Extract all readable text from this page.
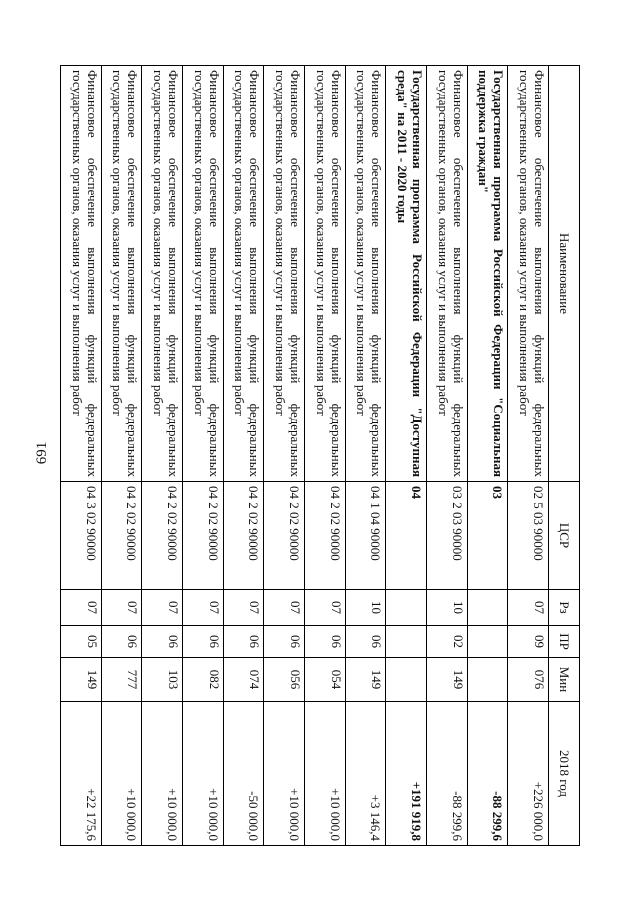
691
Наименование	ЦСР	Рз	ПР	Мин	2018 год
Финансовое обеспечение выполнения функций федеральных государственных органов, оказания услуг и выполнения работ	02 5 03 90000	07	09	076	+226 000,0
Государственная программа Российской Федерации "Социальная поддержка граждан"	03				-88 299,6
Финансовое обеспечение выполнения функций федеральных государственных органов, оказания услуг и выполнения работ	03 2 03 90000	10	02	149	-88 299,6
Государственная программа Российской Федерации "Доступная среда" на 2011 - 2020 годы	04				+191 919,8
Финансовое обеспечение выполнения функций федеральных государственных органов, оказания услуг и выполнения работ	04 1 04 90000	10	06	149	+3 146,4
Финансовое обеспечение выполнения функций федеральных государственных органов, оказания услуг и выполнения работ	04 2 02 90000	07	06	054	+10 000,0
Финансовое обеспечение выполнения функций федеральных государственных органов, оказания услуг и выполнения работ	04 2 02 90000	07	06	056	+10 000,0
Финансовое обеспечение выполнения функций федеральных государственных органов, оказания услуг и выполнения работ	04 2 02 90000	07	06	074	-50 000,0
Финансовое обеспечение выполнения функций федеральных государственных органов, оказания услуг и выполнения работ	04 2 02 90000	07	06	082	+10 000,0
Финансовое обеспечение выполнения функций федеральных государственных органов, оказания услуг и выполнения работ	04 2 02 90000	07	06	103	+10 000,0
Финансовое обеспечение выполнения функций федеральных государственных органов, оказания услуг и выполнения работ	04 2 02 90000	07	06	777	+10 000,0
Финансовое обеспечение выполнения функций федеральных государственных органов, оказания услуг и выполнения работ	04 3 02 90000	07	05	149	+22 175,6
